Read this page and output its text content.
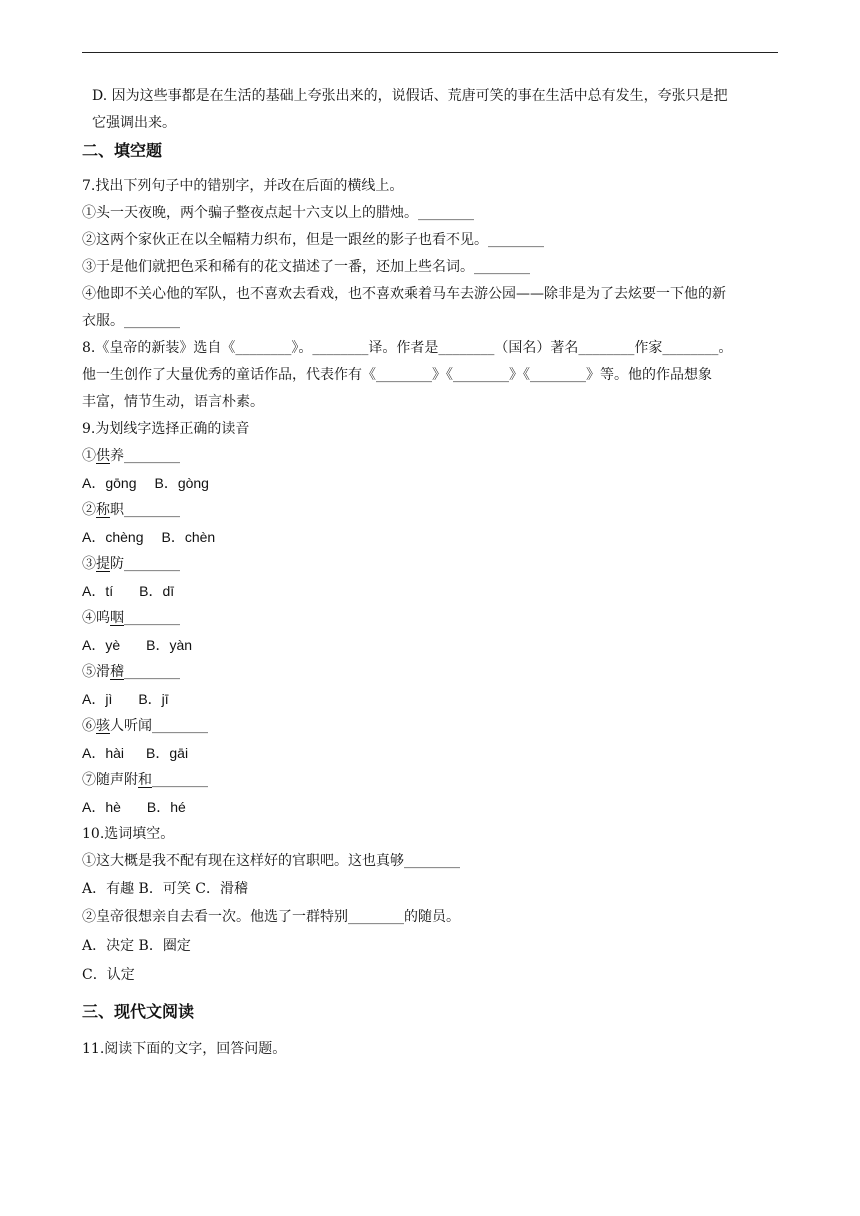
D. 因为这些事都是在生活的基础上夸张出来的，说假话、荒唐可笑的事在生活中总有发生，夸张只是把
它强调出来。
二、填空题
7.找出下列句子中的错别字，并改在后面的横线上。
①头一天夜晚，两个骗子整夜点起十六支以上的腊烛。________
②这两个家伙正在以全幅精力织布，但是一跟丝的影子也看不见。________
③于是他们就把色采和稀有的花文描述了一番，还加上些名词。________
④他即不关心他的军队，也不喜欢去看戏，也不喜欢乘着马车去游公园——除非是为了去炫要一下他的新
衣服。________
8.《皇帝的新装》选自《________》。________译。作者是________（国名）著名________作家________。
他一生创作了大量优秀的童话作品，代表作有《________》《________》《________》等。他的作品想象
丰富，情节生动，语言朴素。
9.为划线字选择正确的读音
①供养________
A．gōng B．gòng
②称职________
A．chèng B．chèn
③提防________
A．tí B．dī
④呜咽________
A．yè B．yàn
⑤滑稽________
A．jì B．jī
⑥骇人听闻________
A．hài B．gāi
⑦随声附和________
A．hè B．hé
10.选词填空。
①这大概是我不配有现在这样好的官职吧。这也真够________
A．有趣 B．可笑 C．滑稽
②皇帝很想亲自去看一次。他选了一群特别________的随员。
A．决定 B．圈定
C．认定
三、现代文阅读
11.阅读下面的文字，回答问题。
